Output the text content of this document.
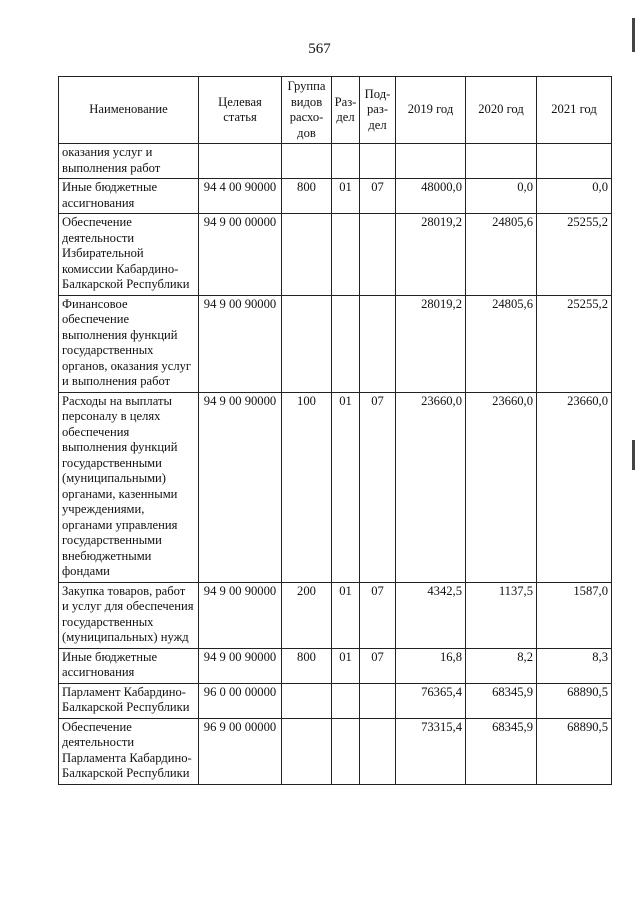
567
Наименование	Целевая статья	Группа видов расхо-дов	Раз-дел	Под-раз-дел	2019 год	2020 год	2021 год
оказания услуг и выполнения работ							
Иные бюджетные ассигнования	94 4 00 90000	800	01	07	48000,0	0,0	0,0
Обеспечение деятельности Избирательной комиссии Кабардино-Балкарской Республики	94 9 00 00000				28019,2	24805,6	25255,2
Финансовое обеспечение выполнения функций государственных органов, оказания услуг и выполнения работ	94 9 00 90000				28019,2	24805,6	25255,2
Расходы на выплаты персоналу в целях обеспечения выполнения функций государственными (муниципальными) органами, казенными учреждениями, органами управления государственными внебюджетными фондами	94 9 00 90000	100	01	07	23660,0	23660,0	23660,0
Закупка товаров, работ и услуг для обеспечения государственных (муниципальных) нужд	94 9 00 90000	200	01	07	4342,5	1137,5	1587,0
Иные бюджетные ассигнования	94 9 00 90000	800	01	07	16,8	8,2	8,3
Парламент Кабардино-Балкарской Республики	96 0 00 00000				76365,4	68345,9	68890,5
Обеспечение деятельности Парламента Кабардино-Балкарской Республики	96 9 00 00000				73315,4	68345,9	68890,5
